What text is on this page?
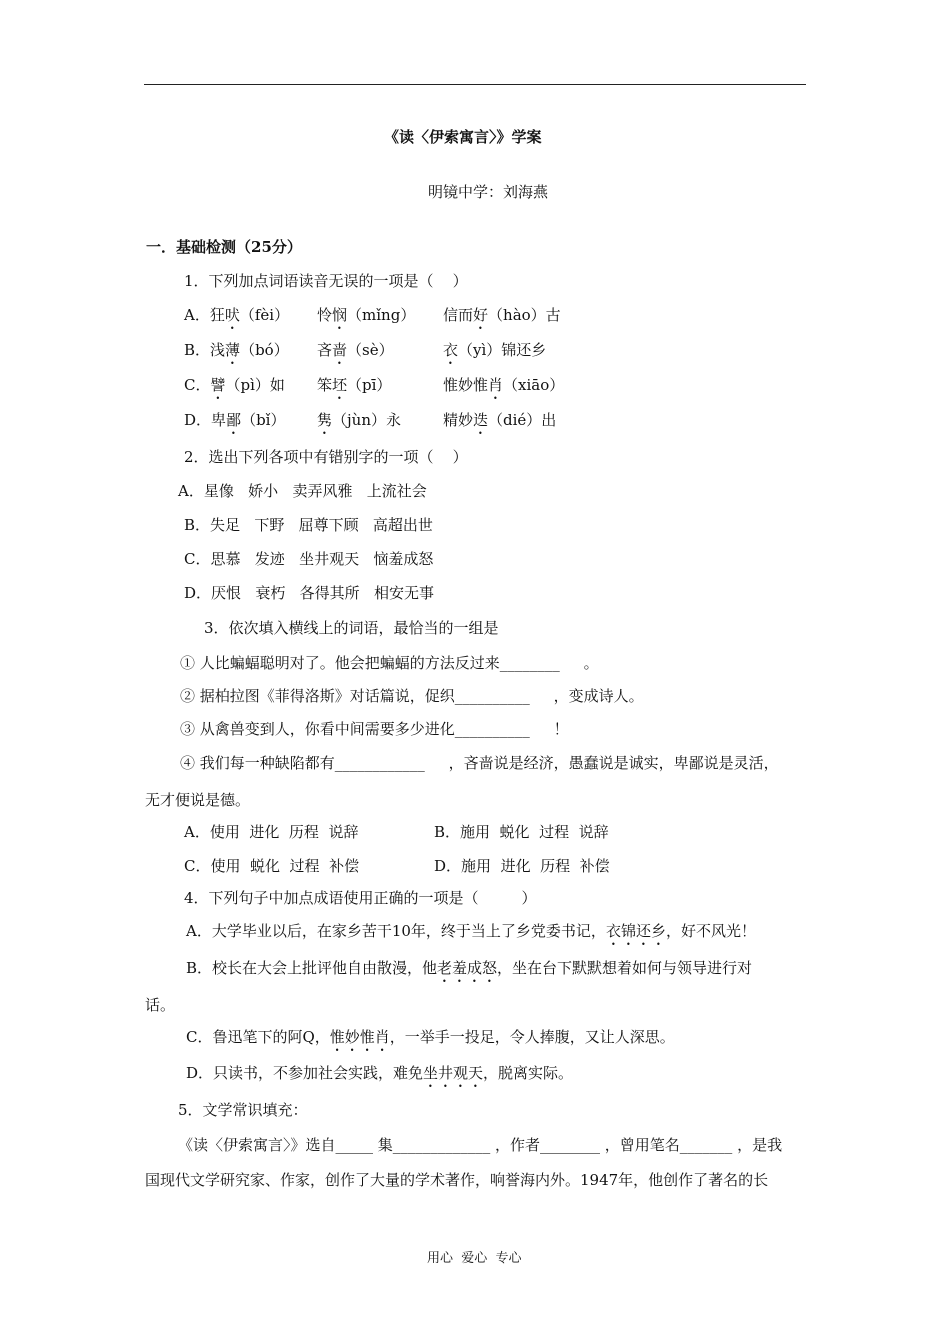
《读〈伊索寓言〉》学案
明镜中学：刘海燕
一．基础检测（25分）
1．下列加点词语读音无误的一项是（    ）
A．狂吠（fèi） 怜悯（mǐng） 信而好（hào）古
B．浅薄（bó） 吝啬（sè）	衣（yì）锦还乡
C．譬（pì）如 笨坯（pī）	惟妙惟肖（xiāo）
D．卑鄙（bǐ） 隽（jùn）永	精妙迭（dié）出
2．选出下列各项中有错别字的一项（    ）
A．星像   娇小   卖弄风雅   上流社会
B．失足   下野   屈尊下顾   高超出世
C．思慕   发迹   坐井观天   恼羞成怒
D．厌恨   衰朽   各得其所   相安无事
3．依次填入横线上的词语，最恰当的一组是
① 人比蝙蝠聪明对了。他会把蝙蝠的方法反过来________     。
② 据柏拉图《菲得洛斯》对话篇说，促织__________     ，变成诗人。
③ 从禽兽变到人，你看中间需要多少进化__________     ！
④ 我们每一种缺陷都有____________     ，吝啬说是经济，愚蠢说是诚实，卑鄙说是灵活，
无才便说是德。
A．使用  进化  历程  说辞	B．施用  蜕化  过程  说辞
C．使用  蜕化  过程  补偿	D．施用  进化  历程  补偿
4．下列句子中加点成语使用正确的一项是（         ）
A．大学毕业以后，在家乡苦干10年，终于当上了乡党委书记，衣锦还乡，好不风光！
B．校长在大会上批评他自由散漫，他老羞成怒，坐在台下默默想着如何与领导进行对
话。
C．鲁迅笔下的阿Q，惟妙惟肖，一举手一投足，令人捧腹，又让人深思。
D．只读书，不参加社会实践，难免坐井观天，脱离实际。
5．文学常识填充：
《读〈伊索寓言〉》选自_____ 集_____________ ，作者________ ，曾用笔名_______ ，是我
国现代文学研究家、作家，创作了大量的学术著作，响誉海内外。1947年，他创作了著名的长
用心  爱心  专心
